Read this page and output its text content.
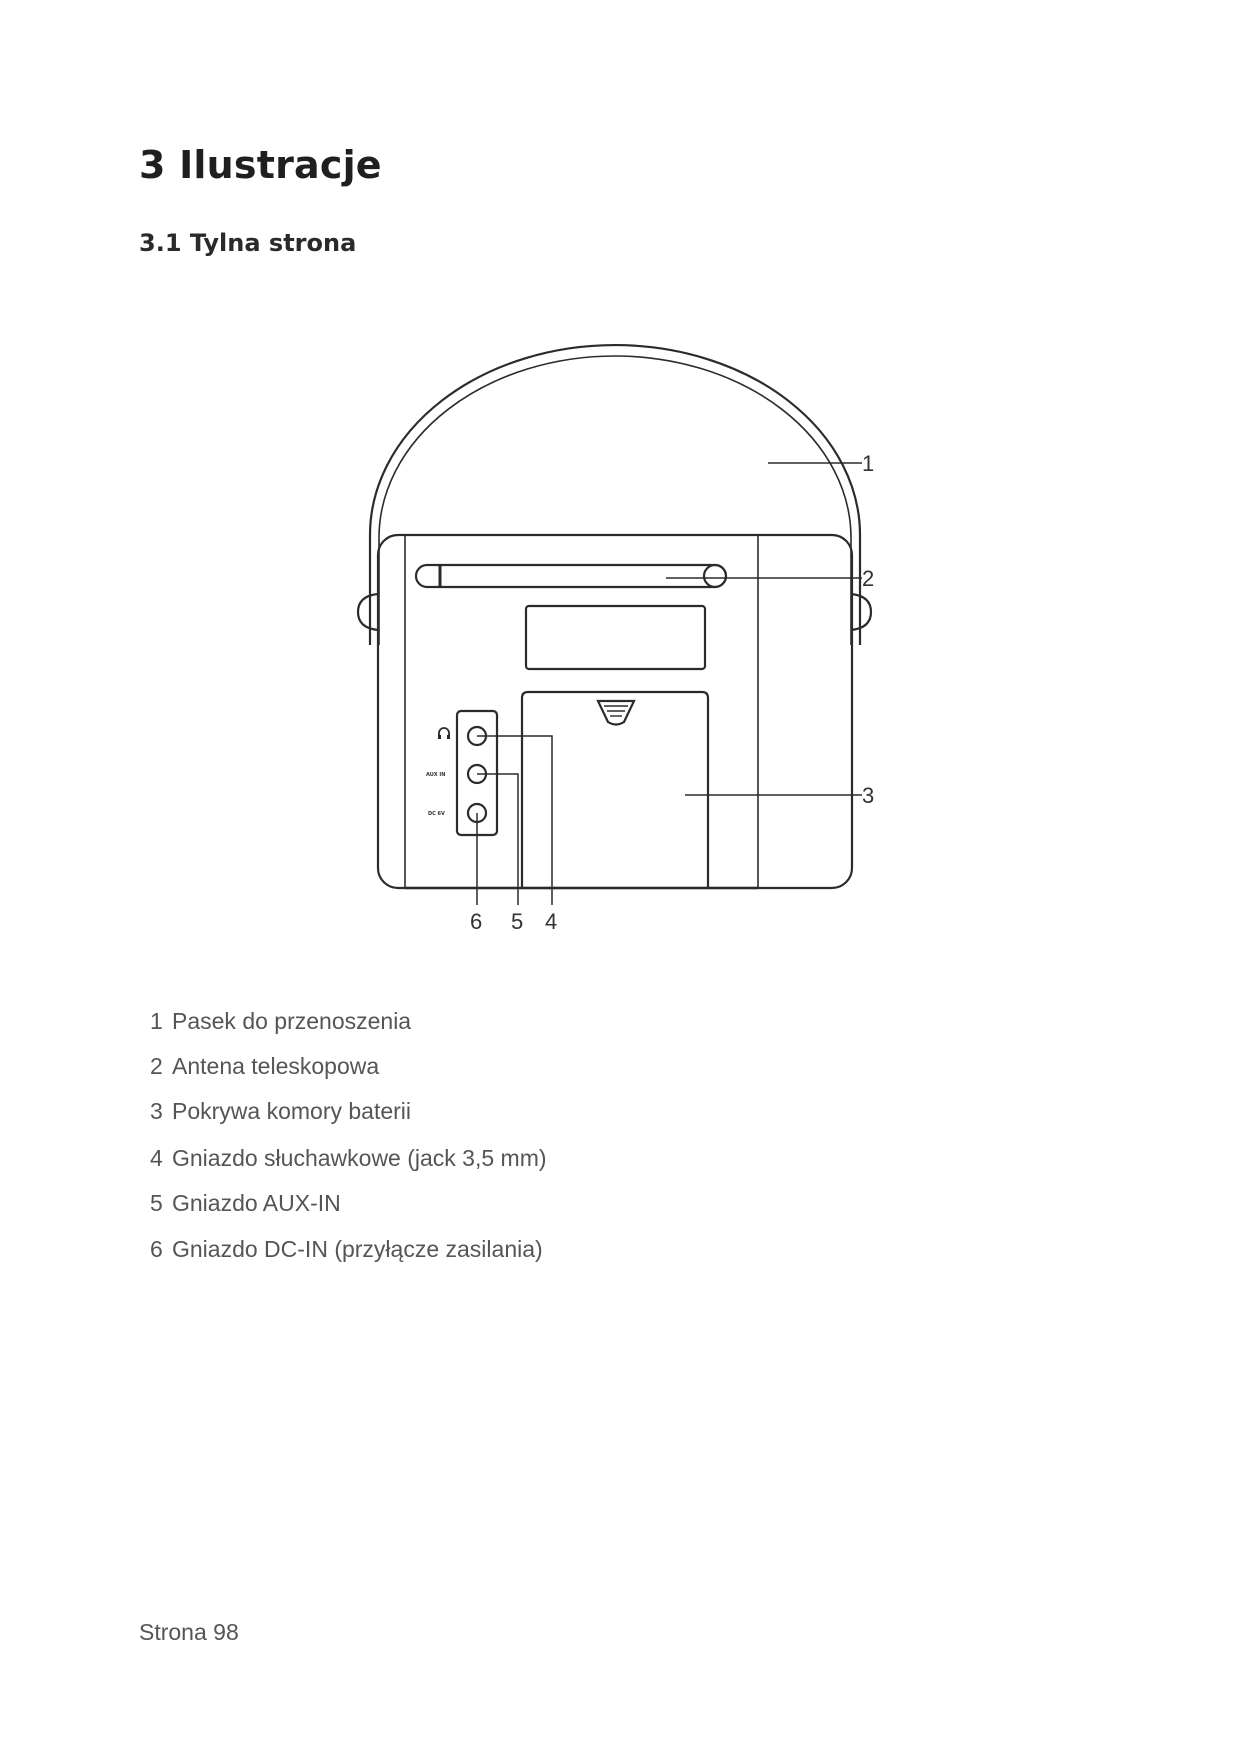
3 Ilustracje
3.1 Tylna strona
AUX IN
DC 6V
1
2
3
4
5
6
1 Pasek do przenoszenia
2 Antena teleskopowa
3 Pokrywa komory baterii
4 Gniazdo słuchawkowe (jack 3,5 mm)
5 Gniazdo AUX-IN
6 Gniazdo DC-IN (przyłącze zasilania)
Strona 98
